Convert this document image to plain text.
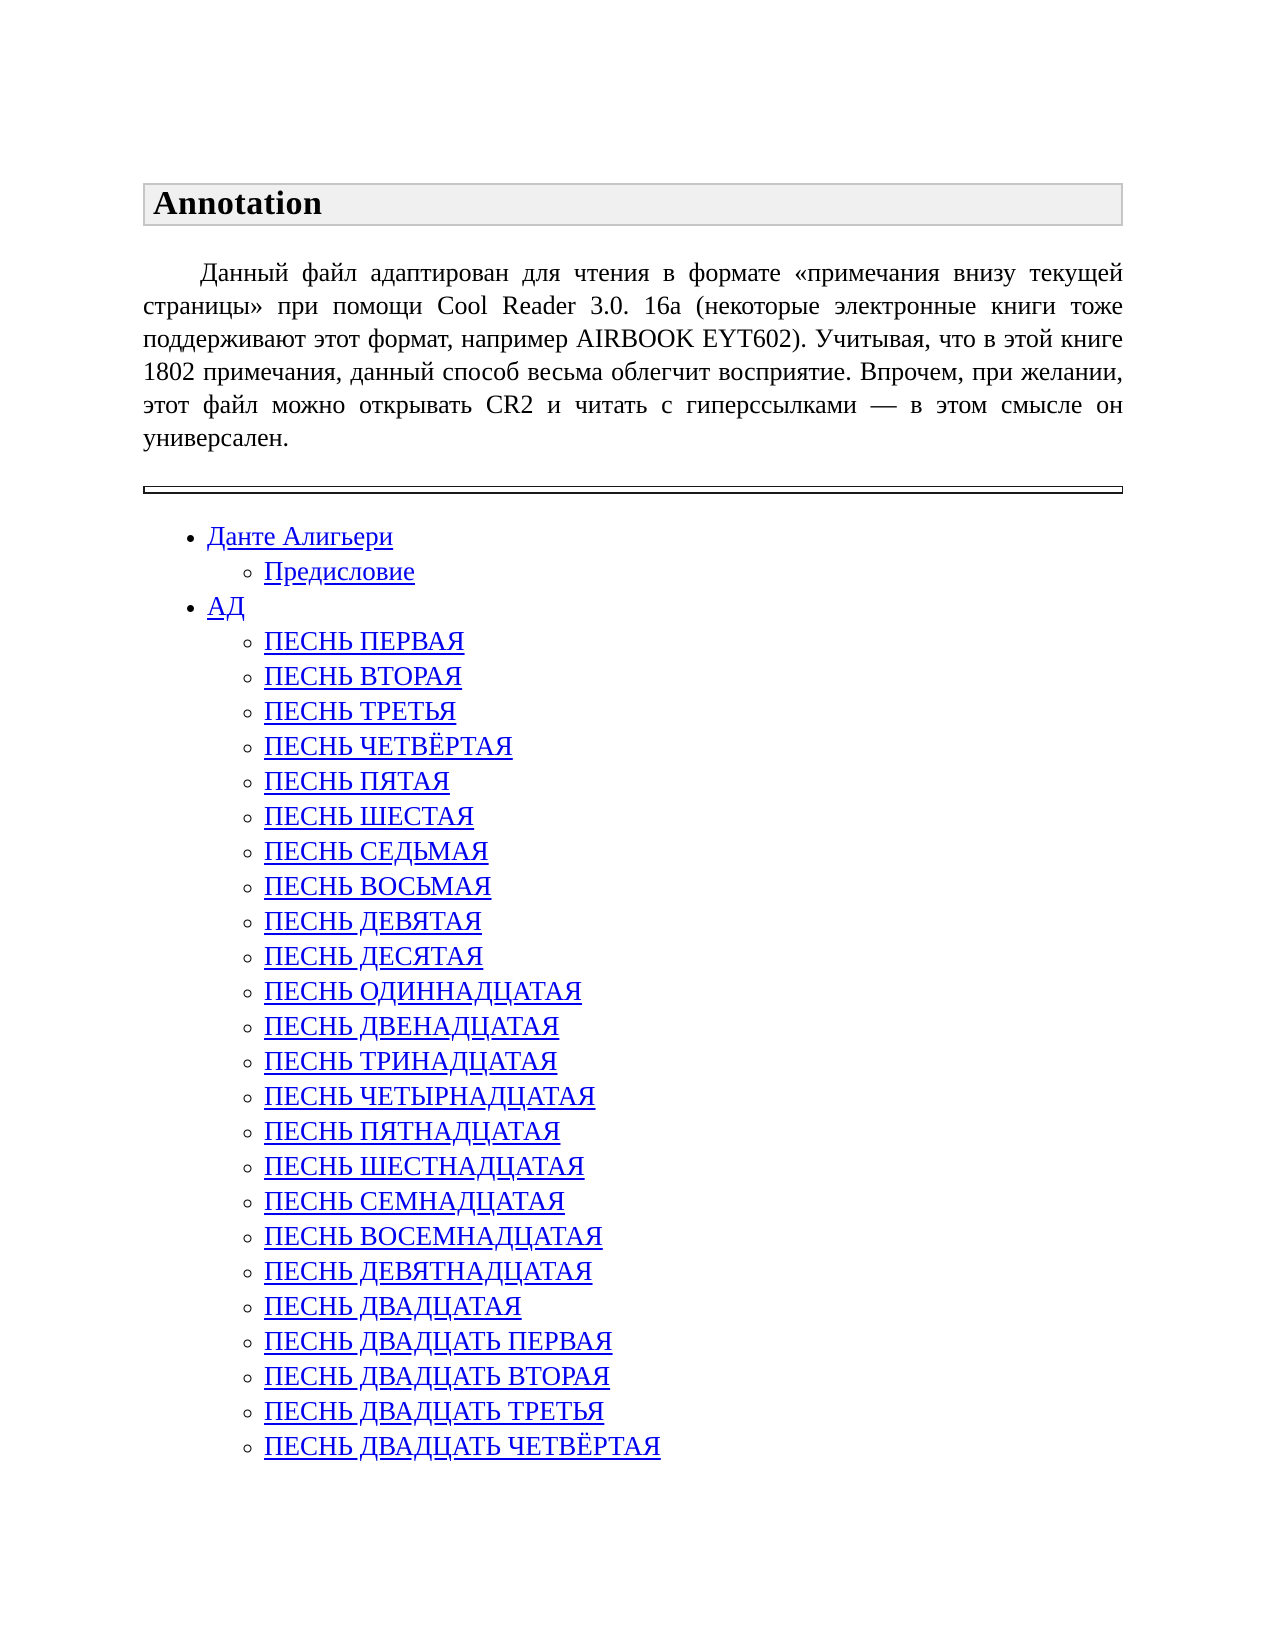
Annotation

Данный файл адаптирован для чтения в формате «примечания внизу текущей страницы» при помощи Cool Reader 3.0. 16а (некоторые электронные книги тоже поддерживают этот формат, например AIRBOOK EYT602). Учитывая, что в этой книге 1802 примечания, данный способ весьма облегчит восприятие. Впрочем, при желании, этот файл можно открывать CR2 и читать с гиперссылками — в этом смысле он универсален.

• Данте Алигьери
◦ Предисловие
• АД
◦ ПЕСНЬ ПЕРВАЯ
◦ ПЕСНЬ ВТОРАЯ
◦ ПЕСНЬ ТРЕТЬЯ
◦ ПЕСНЬ ЧЕТВЁРТАЯ
◦ ПЕСНЬ ПЯТАЯ
◦ ПЕСНЬ ШЕСТАЯ
◦ ПЕСНЬ СЕДЬМАЯ
◦ ПЕСНЬ ВОСЬМАЯ
◦ ПЕСНЬ ДЕВЯТАЯ
◦ ПЕСНЬ ДЕСЯТАЯ
◦ ПЕСНЬ ОДИННАДЦАТАЯ
◦ ПЕСНЬ ДВЕНАДЦАТАЯ
◦ ПЕСНЬ ТРИНАДЦАТАЯ
◦ ПЕСНЬ ЧЕТЫРНАДЦАТАЯ
◦ ПЕСНЬ ПЯТНАДЦАТАЯ
◦ ПЕСНЬ ШЕСТНАДЦАТАЯ
◦ ПЕСНЬ СЕМНАДЦАТАЯ
◦ ПЕСНЬ ВОСЕМНАДЦАТАЯ
◦ ПЕСНЬ ДЕВЯТНАДЦАТАЯ
◦ ПЕСНЬ ДВАДЦАТАЯ
◦ ПЕСНЬ ДВАДЦАТЬ ПЕРВАЯ
◦ ПЕСНЬ ДВАДЦАТЬ ВТОРАЯ
◦ ПЕСНЬ ДВАДЦАТЬ ТРЕТЬЯ
◦ ПЕСНЬ ДВАДЦАТЬ ЧЕТВЁРТАЯ
